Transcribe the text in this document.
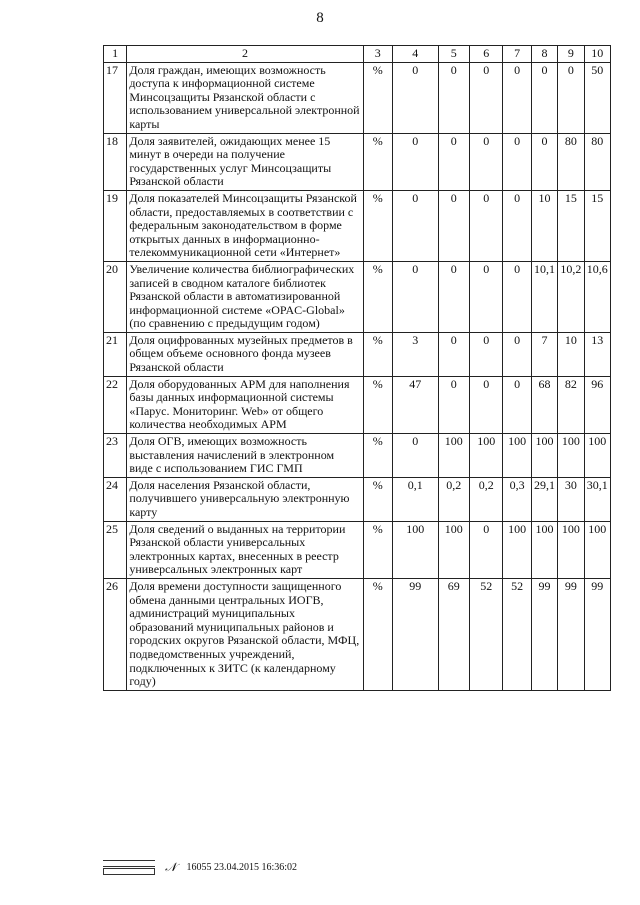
8
1	2	3	4	5	6	7	8	9	10
17	Доля граждан, имеющих возможность доступа к информационной системе Минсоцзащиты Рязанской области с использованием универсальной электронной карты	%	0	0	0	0	0	0	50
18	Доля заявителей, ожидающих менее 15 минут в очереди на получение государственных услуг Минсоцзащиты Рязанской области	%	0	0	0	0	0	80	80
19	Доля показателей Минсоцзащиты Рязанской области, предоставляемых в соответствии с федеральным законодательством в форме открытых данных в информационно-телекоммуникационной сети «Интернет»	%	0	0	0	0	10	15	15
20	Увеличение количества библиографических записей в сводном каталоге библиотек Рязанской области в автоматизированной информационной системе «OPAC-Global» (по сравнению с предыдущим годом)	%	0	0	0	0	10,1	10,2	10,6
21	Доля оцифрованных музейных предметов в общем объеме основного фонда музеев Рязанской области	%	3	0	0	0	7	10	13
22	Доля оборудованных АРМ для наполнения базы данных информационной системы «Парус. Мониторинг. Web» от общего количества необходимых АРМ	%	47	0	0	0	68	82	96
23	Доля ОГВ, имеющих возможность выставления начислений в электронном виде с использованием ГИС ГМП	%	0	100	100	100	100	100	100
24	Доля населения Рязанской области, получившего универсальную электронную карту	%	0,1	0,2	0,2	0,3	29,1	30	30,1
25	Доля сведений о выданных на территории Рязанской области универсальных электронных картах, внесенных в реестр универсальных электронных карт	%	100	100	0	100	100	100	100
26	Доля времени доступности защищенного обмена данными центральных ИОГВ, администраций муниципальных образований муниципальных районов и городских округов Рязанской области, МФЦ, подведомственных учреждений, подключенных к ЗИТС (к календарному году)	%	99	69	52	52	99	99	99
𝒩 16055 23.04.2015 16:36:02
